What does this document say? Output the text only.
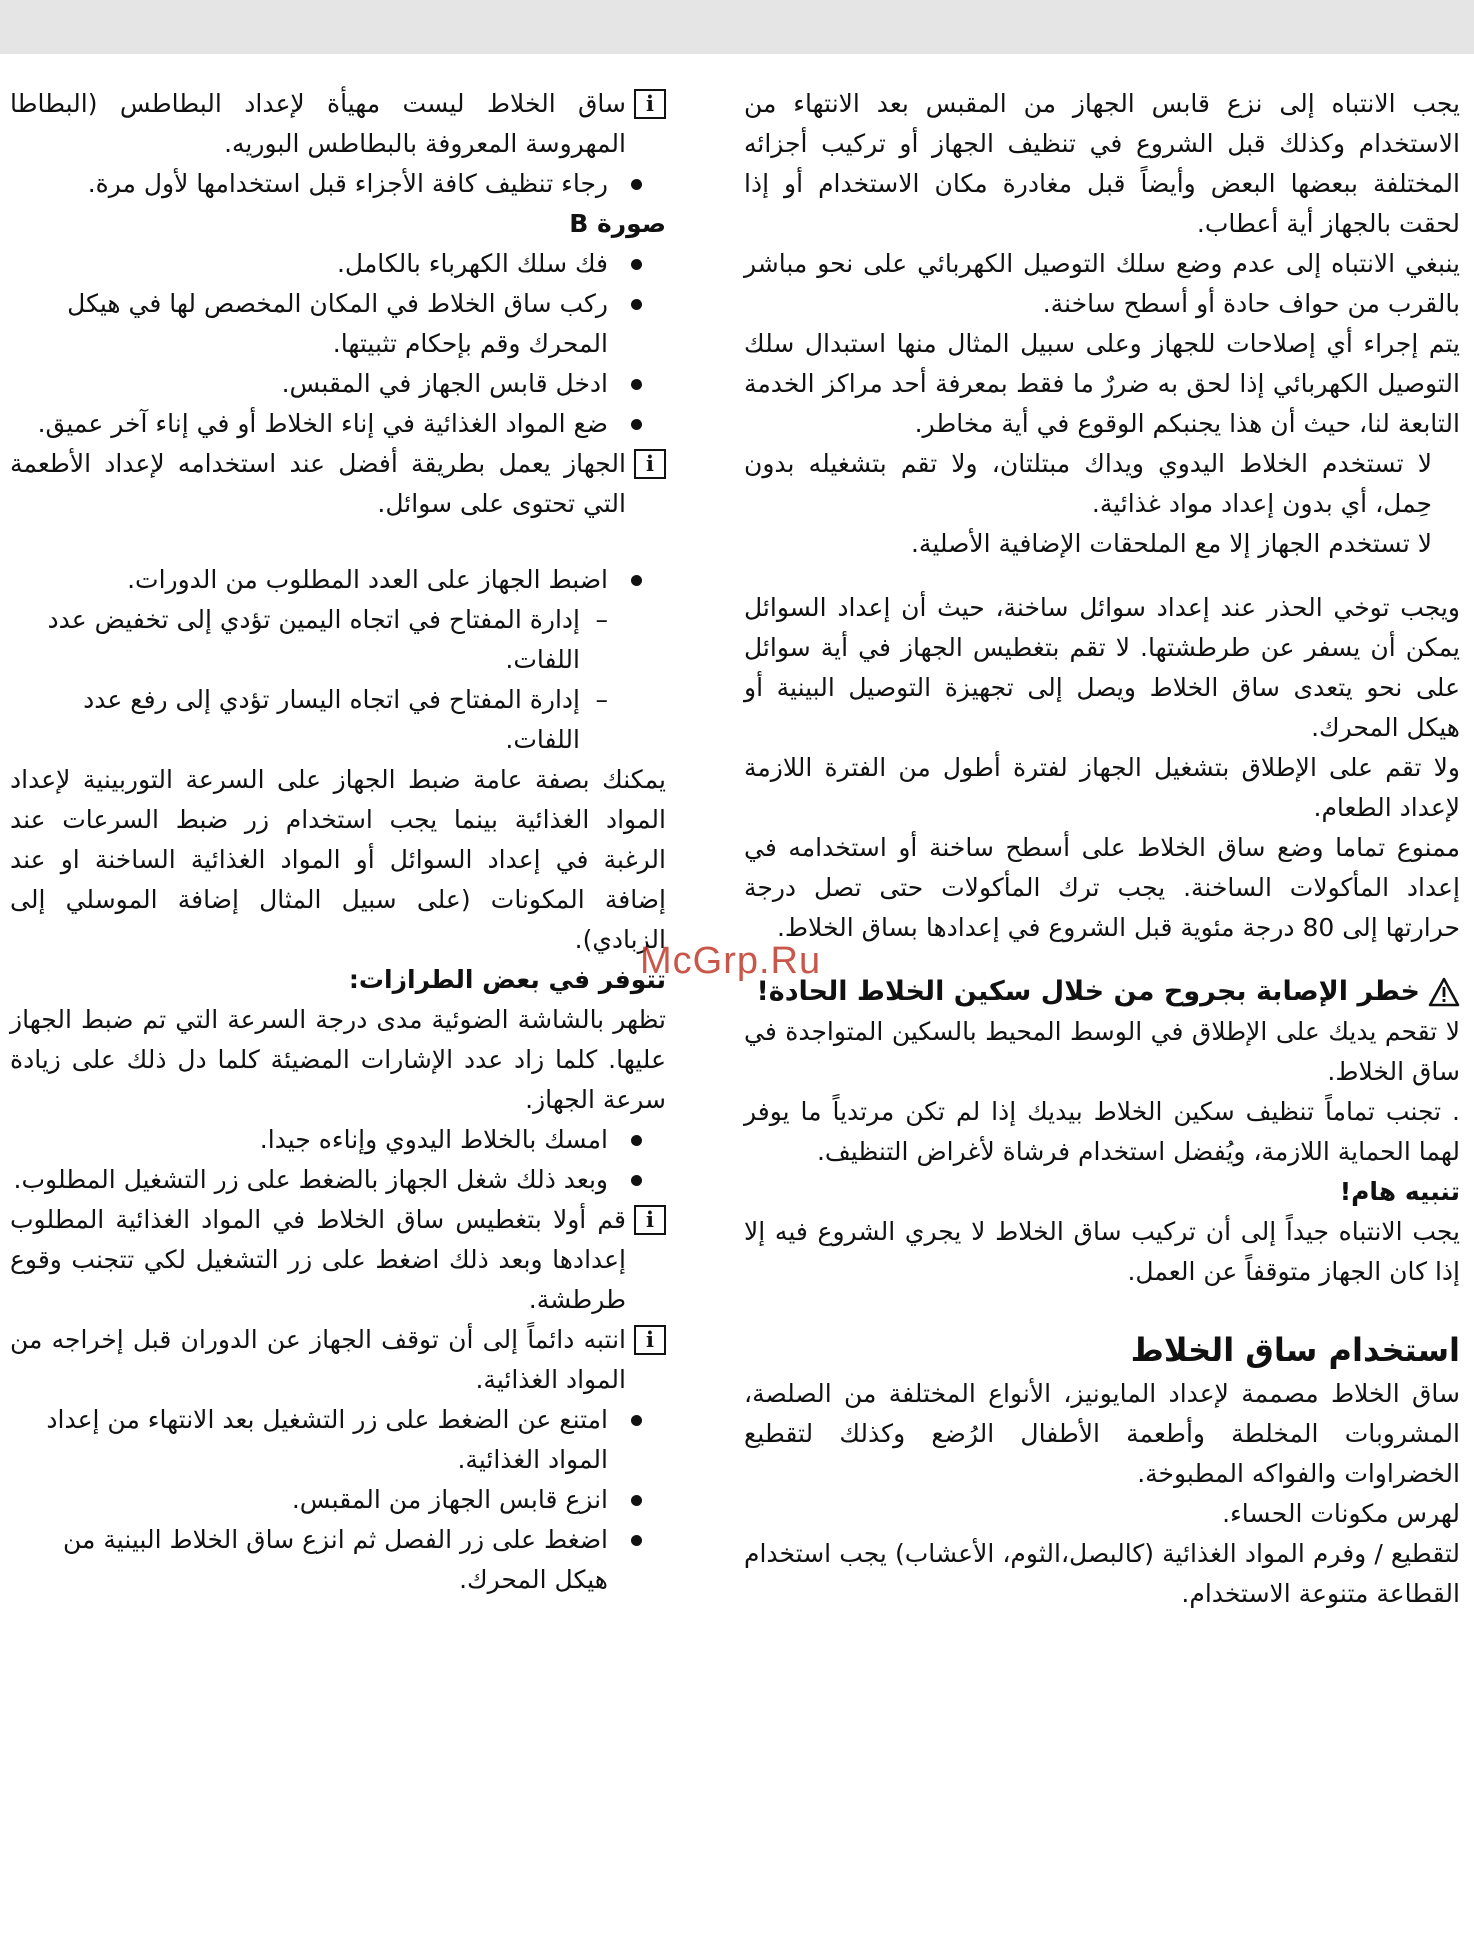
يجب الانتباه إلى نزع قابس الجهاز من المقبس بعد الانتهاء من الاستخدام وكذلك قبل الشروع في تنظيف الجهاز أو تركيب أجزائه المختلفة ببعضها البعض وأيضاً قبل مغادرة مكان الاستخدام أو إذا لحقت بالجهاز أية أعطاب.

ينبغي الانتباه إلى عدم وضع سلك التوصيل الكهربائي على نحو مباشر بالقرب من حواف حادة أو أسطح ساخنة.

يتم إجراء أي إصلاحات للجهاز وعلى سبيل المثال منها استبدال سلك التوصيل الكهربائي إذا لحق به ضررٌ ما فقط بمعرفة أحد مراكز الخدمة التابعة لنا، حيث أن هذا يجنبكم الوقوع في أية مخاطر.

لا تستخدم الخلاط اليدوي ويداك مبتلتان، ولا تقم بتشغيله بدون حِمل، أي بدون إعداد مواد غذائية.

لا تستخدم الجهاز إلا مع الملحقات الإضافية الأصلية.

ويجب توخي الحذر عند إعداد سوائل ساخنة، حيث أن إعداد السوائل يمكن أن يسفر عن طرطشتها. لا تقم بتغطيس الجهاز في أية سوائل على نحو يتعدى ساق الخلاط ويصل إلى تجهيزة التوصيل البينية أو هيكل المحرك.

ولا تقم على الإطلاق بتشغيل الجهاز لفترة أطول من الفترة اللازمة لإعداد الطعام.

ممنوع تماما وضع ساق الخلاط على أسطح ساخنة أو استخدامه في إعداد المأكولات الساخنة. يجب ترك المأكولات حتى تصل درجة حرارتها إلى 80 درجة مئوية قبل الشروع في إعدادها بساق الخلاط.

خطر الإصابة بجروح من خلال سكين الخلاط الحادة!

لا تقحم يديك على الإطلاق في الوسط المحيط بالسكين المتواجدة في ساق الخلاط.

. تجنب تماماً تنظيف سكين الخلاط بيديك إذا لم تكن مرتدياً ما يوفر لهما الحماية اللازمة، ويُفضل استخدام فرشاة لأغراض التنظيف.

تنبيه هام!

يجب الانتباه جيداً إلى أن تركيب ساق الخلاط لا يجري الشروع فيه إلا إذا كان الجهاز متوقفاً عن العمل.

استخدام ساق الخلاط

ساق الخلاط مصممة لإعداد المايونيز، الأنواع المختلفة من الصلصة، المشروبات المخلطة وأطعمة الأطفال الرُضع وكذلك لتقطيع الخضراوات والفواكه المطبوخة.

لهرس مكونات الحساء.

لتقطيع / وفرم المواد الغذائية (كالبصل،الثوم، الأعشاب) يجب استخدام القطاعة متنوعة الاستخدام.

i

ساق الخلاط ليست مهيأة لإعداد البطاطس (البطاطا المهروسة المعروفة بالبطاطس البوريه.

رجاء تنظيف كافة الأجزاء قبل استخدامها لأول مرة.

صورة B

فك سلك الكهرباء بالكامل.
ركب ساق الخلاط في المكان المخصص لها في هيكل المحرك وقم بإحكام تثبيتها.
ادخل قابس الجهاز في المقبس.
ضع المواد الغذائية في إناء الخلاط أو في إناء آخر عميق.
i

الجهاز يعمل بطريقة أفضل عند استخدامه لإعداد الأطعمة التي تحتوى على سوائل.

اضبط الجهاز على العدد المطلوب من الدورات.
– إدارة المفتاح في اتجاه اليمين تؤدي إلى تخفيض عدد اللفات.
– إدارة المفتاح في اتجاه اليسار تؤدي إلى رفع عدد اللفات.

يمكنك بصفة عامة ضبط الجهاز على السرعة التوربينية لإعداد المواد الغذائية بينما يجب استخدام زر ضبط السرعات عند الرغبة في إعداد السوائل أو المواد الغذائية الساخنة او عند إضافة المكونات (على سبيل المثال إضافة الموسلي إلى الزبادي).

تتوفر في بعض الطرازات:

تظهر بالشاشة الضوئية مدى درجة السرعة التي تم ضبط الجهاز عليها. كلما زاد عدد الإشارات المضيئة كلما دل ذلك على زيادة سرعة الجهاز.

امسك بالخلاط اليدوي وإناءه جيدا.
وبعد ذلك شغل الجهاز بالضغط على زر التشغيل المطلوب.
i

قم أولا بتغطيس ساق الخلاط في المواد الغذائية المطلوب إعدادها وبعد ذلك اضغط على زر التشغيل لكي تتجنب وقوع طرطشة.

i

انتبه دائماً إلى أن توقف الجهاز عن الدوران قبل إخراجه من المواد الغذائية.

امتنع عن الضغط على زر التشغيل بعد الانتهاء من إعداد المواد الغذائية.
انزع قابس الجهاز من المقبس.
اضغط على زر الفصل ثم انزع ساق الخلاط البينية من هيكل المحرك.
McGrp.Ru
